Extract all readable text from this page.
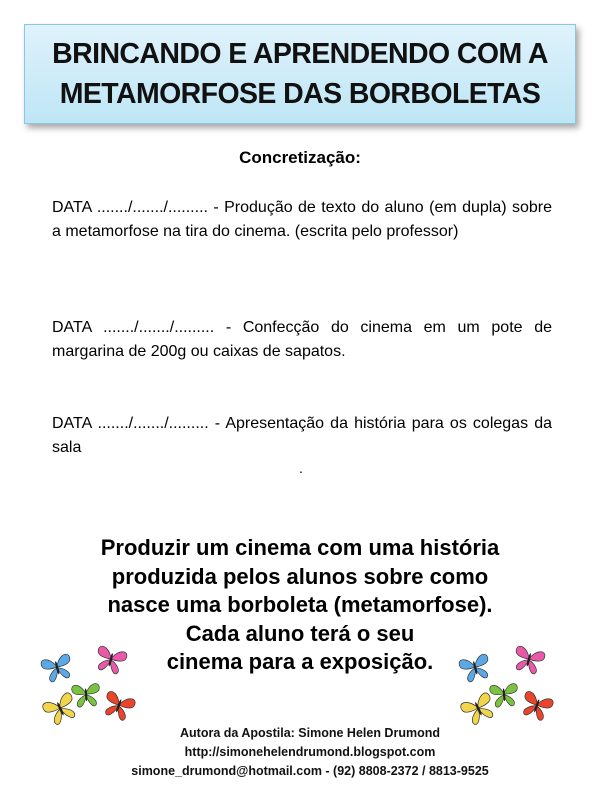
BRINCANDO E APRENDENDO COM A
METAMORFOSE DAS BORBOLETAS
Concretização:
DATA ......./......./......... - Produção de texto do aluno (em dupla) sobre a metamorfose na tira do cinema. (escrita pelo professor)
DATA ......./......./......... - Confecção do cinema em um pote de margarina de 200g ou caixas de sapatos.
DATA ......./......./......... - Apresentação da história para os colegas da sala
.
Produzir um cinema com uma história
produzida pelos alunos sobre como
nasce uma borboleta (metamorfose).
Cada aluno terá o seu
cinema para a exposição.
Autora da Apostila: Simone Helen Drumond
http://simonehelendrumond.blogspot.com
simone_drumond@hotmail.com - (92) 8808-2372 / 8813-9525
